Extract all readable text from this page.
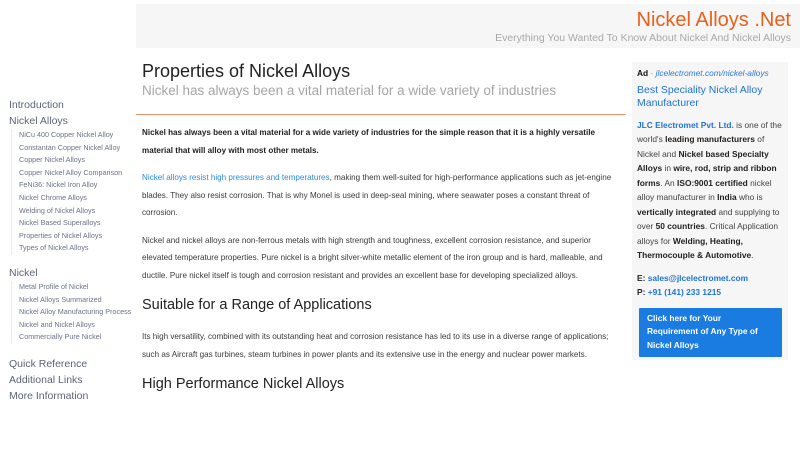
Nickel Alloys .Net
Everything You Wanted To Know About Nickel And Nickel Alloys
Introduction
Nickel Alloys
NiCu 400 Copper Nickel Alloy
Constantan Copper Nickel Alloy
Copper Nickel Alloys
Copper Nickel Alloy Comparison
FeNi36: Nickel Iron Alloy
Nickel Chrome Alloys
Welding of Nickel Alloys
Nickel Based Superalloys
Properties of Nickel Alloys
Types of Nickel Alloys
Nickel
Metal Profile of Nickel
Nickel Alloys Summarized
Nickel Alloy Manufacturing Process
Nickel and Nickel Alloys
Commercially Pure Nickel
Quick Reference
Additional Links
More Information
Properties of Nickel Alloys
Nickel has always been a vital material for a wide variety of industries

Nickel has always been a vital material for a wide variety of industries for the simple reason that it is a highly versatile material that will alloy with most other metals.

Nickel alloys resist high pressures and temperatures, making them well-suited for high-performance applications such as jet-engine blades. They also resist corrosion. That is why Monel is used in deep-seal mining, where seawater poses a constant threat of corrosion.

Nickel and nickel alloys are non-ferrous metals with high strength and toughness, excellent corrosion resistance, and superior elevated temperature properties. Pure nickel is a bright silver-white metallic element of the iron group and is hard, malleable, and ductile. Pure nickel itself is tough and corrosion resistant and provides an excellent base for developing specialized alloys.

Suitable for a Range of Applications

Its high versatility, combined with its outstanding heat and corrosion resistance has led to its use in a diverse range of applications; such as Aircraft gas turbines, steam turbines in power plants and its extensive use in the energy and nuclear power markets.

High Performance Nickel Alloys
Ad · jlcelectromet.com/nickel-alloys
Best Speciality Nickel Alloy Manufacturer
JLC Electromet Pvt. Ltd. is one of the world's leading manufacturers of Nickel and Nickel based Specialty Alloys in wire, rod, strip and ribbon forms. An ISO:9001 certified nickel alloy manufacturer in India who is vertically integrated and supplying to over 50 countries. Critical Application alloys for Welding, Heating, Thermocouple & Automotive.
E: sales@jlcelectromet.com
P: +91 (141) 233 1215
Click here for Your Requirement of Any Type of Nickel Alloys
